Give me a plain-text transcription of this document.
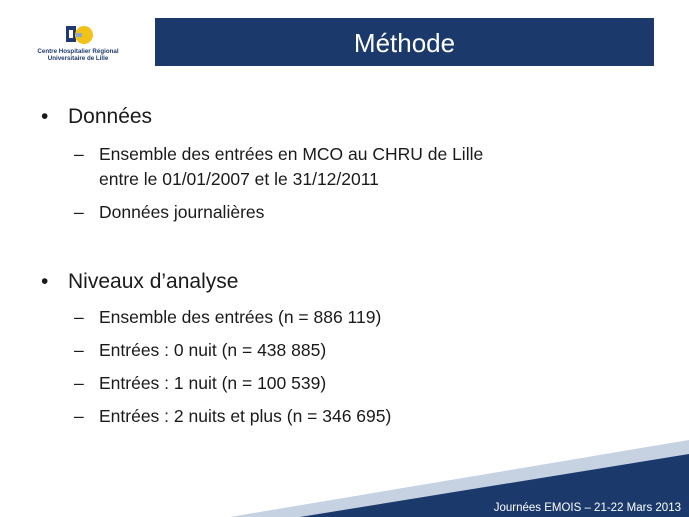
Centre Hospitalier Régional
Universitaire de Lille
Méthode
• Données
– Ensemble des entrées en MCO au CHRU de Lille
entre le 01/01/2007 et le 31/12/2011
– Données journalières
• Niveaux d’analyse
– Ensemble des entrées (n = 886 119)
– Entrées : 0 nuit (n = 438 885)
– Entrées : 1 nuit (n = 100 539)
– Entrées : 2 nuits et plus (n = 346 695)
Journées EMOIS – 21-22 Mars 2013
